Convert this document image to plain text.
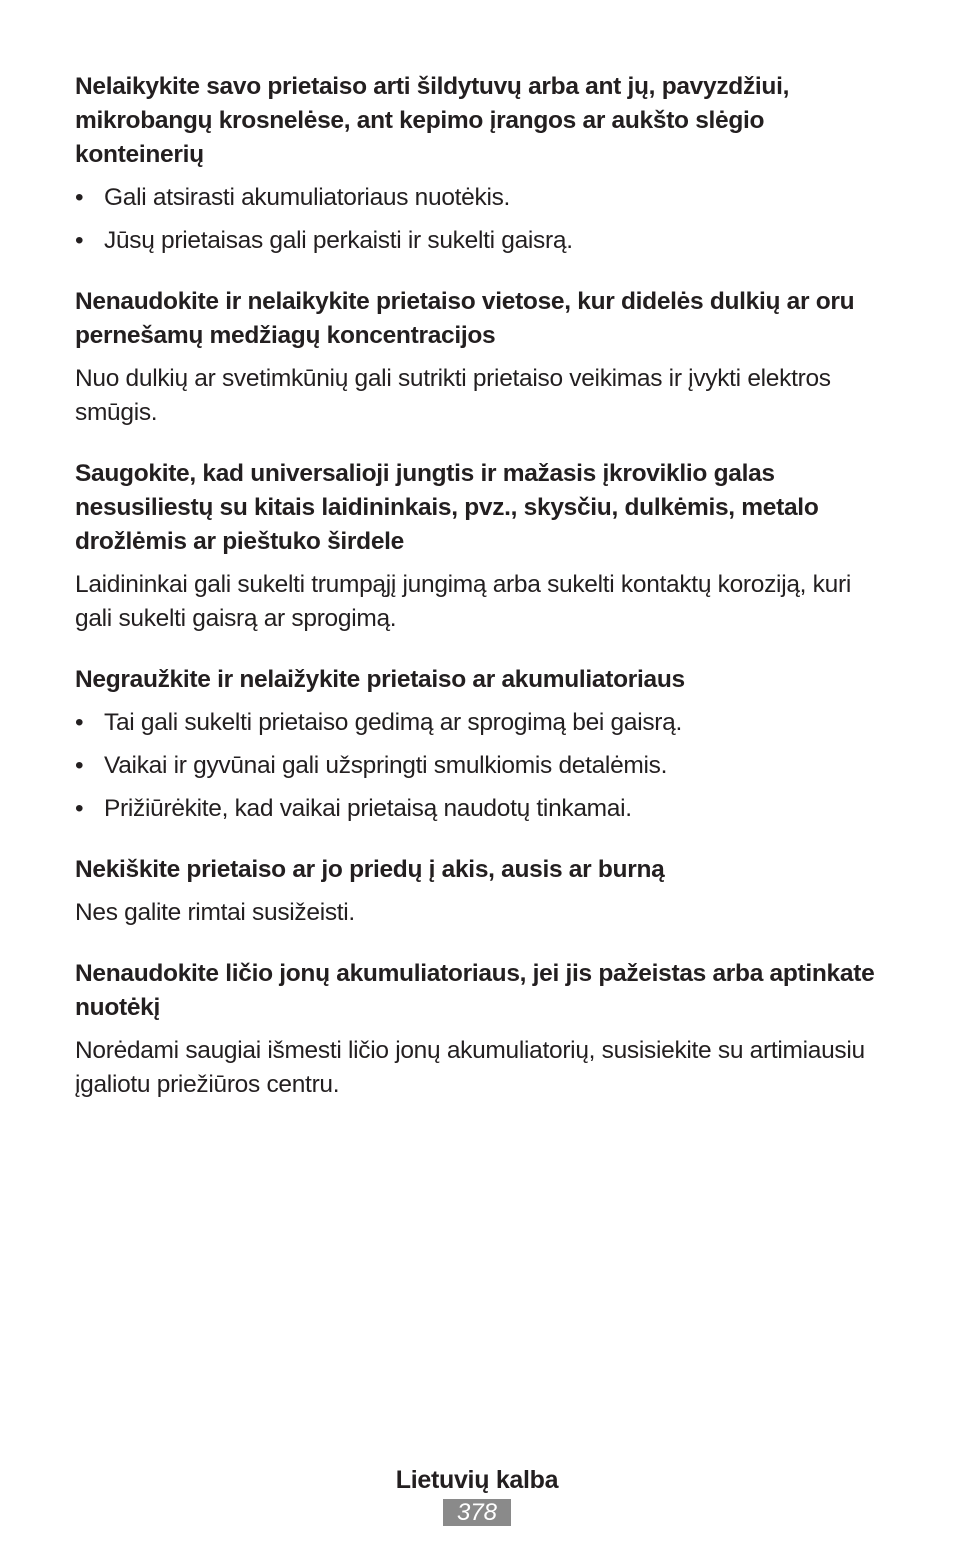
Nelaikykite savo prietaiso arti šildytuvų arba ant jų, pavyzdžiui, mikrobangų krosnelėse, ant kepimo įrangos ar aukšto slėgio konteinerių

• Gali atsirasti akumuliatoriaus nuotėkis.
• Jūsų prietaisas gali perkaisti ir sukelti gaisrą.

Nenaudokite ir nelaikykite prietaiso vietose, kur didelės dulkių ar oru pernešamų medžiagų koncentracijos

Nuo dulkių ar svetimkūnių gali sutrikti prietaiso veikimas ir įvykti elektros smūgis.

Saugokite, kad universalioji jungtis ir mažasis įkroviklio galas nesusiliestų su kitais laidininkais, pvz., skysčiu, dulkėmis, metalo drožlėmis ar pieštuko širdele

Laidininkai gali sukelti trumpąjį jungimą arba sukelti kontaktų koroziją, kuri gali sukelti gaisrą ar sprogimą.

Negraužkite ir nelaižykite prietaiso ar akumuliatoriaus

• Tai gali sukelti prietaiso gedimą ar sprogimą bei gaisrą.
• Vaikai ir gyvūnai gali užspringti smulkiomis detalėmis.
• Prižiūrėkite, kad vaikai prietaisą naudotų tinkamai.

Nekiškite prietaiso ar jo priedų į akis, ausis ar burną

Nes galite rimtai susižeisti.

Nenaudokite ličio jonų akumuliatoriaus, jei jis pažeistas arba aptinkate nuotėkį

Norėdami saugiai išmesti ličio jonų akumuliatorių, susisiekite su artimiausiu įgaliotu priežiūros centru.

Lietuvių kalba
378
